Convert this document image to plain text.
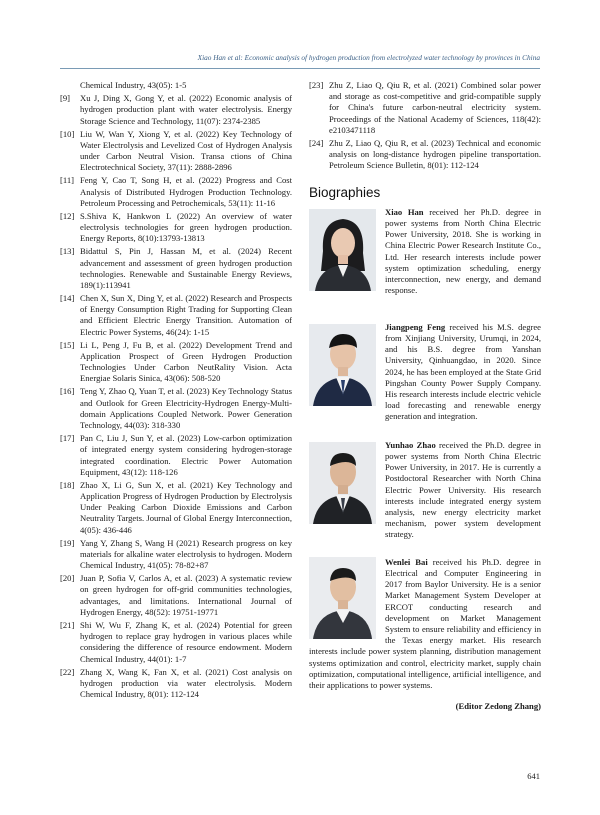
Xiao Han et al: Economic analysis of hydrogen production from electrolyzed water technology by provinces in China

Chemical Industry, 43(05): 1-5

[9] Xu J, Ding X, Gong Y, et al. (2022) Economic analysis of hydrogen production plant with water electrolysis. Energy Storage Science and Technology, 11(07): 2374-2385

[10] Liu W, Wan Y, Xiong Y, et al. (2022) Key Technology of Water Electrolysis and Levelized Cost of Hydrogen Analysis under Carbon Neutral Vision. Transa ctions of China Electrotechnical Society, 37(11): 2888-2896

[11] Feng Y, Cao T, Song H, et al. (2022) Progress and Cost Analysis of Distributed Hydrogen Production Technology. Petroleum Processing and Petrochemicals, 53(11): 11-16

[12] S.Shiva K, Hankwon L (2022) An overview of water electrolysis technologies for green hydrogen production. Energy Reports, 8(10):13793-13813

[13] Bidattul S, Pin J, Hassan M, et al. (2024) Recent advancement and assessment of green hydrogen production technologies. Renewable and Sustainable Energy Reviews, 189(1):113941

[14] Chen X, Sun X, Ding Y, et al. (2022) Research and Prospects of Energy Consumption Right Trading for Supporting Clean and Efficient Electric Energy Transition. Automation of Electric Power Systems, 46(24): 1-15

[15] Li L, Peng J, Fu B, et al. (2022) Development Trend and Application Prospect of Green Hydrogen Production Technologies Under Carbon NeutRality Vision. Acta Energiae Solaris Sinica, 43(06): 508-520

[16] Teng Y, Zhao Q, Yuan T, et al. (2023) Key Technology Status and Outlook for Green Electricity-Hydrogen Energy-Multi-domain Applications Coupled Network. Power Generation Technology, 44(03): 318-330

[17] Pan C, Liu J, Sun Y, et al. (2023) Low-carbon optimization of integrated energy system considering hydrogen-storage integrated coordination. Electric Power Automation Equipment, 43(12): 118-126

[18] Zhao X, Li G, Sun X, et al. (2021) Key Technology and Application Progress of Hydrogen Production by Electrolysis Under Peaking Carbon Dioxide Emissions and Carbon Neutrality Targets. Journal of Global Energy Interconnection, 4(05): 436-446

[19] Yang Y, Zhang S, Wang H (2021) Research progress on key materials for alkaline water electrolysis to hydrogen. Modern Chemical Industry, 41(05): 78-82+87

[20] Juan P, Sofia V, Carlos A, et al. (2023) A systematic review on green hydrogen for off-grid communities technologies, advantages, and limitations. International Journal of Hydrogen Energy, 48(52): 19751-19771

[21] Shi W, Wu F, Zhang K, et al. (2024) Potential for green hydrogen to replace gray hydrogen in various places while considering the difference of resource endowment. Modern Chemical Industry, 44(01): 1-7

[22] Zhang X, Wang K, Fan X, et al. (2021) Cost analysis on hydrogen production via water electrolysis. Modern Chemical Industry, 8(01): 112-124

[23] Zhu Z, Liao Q, Qiu R, et al. (2021) Combined solar power and storage as cost-competitive and grid-compatible supply for China's future carbon-neutral electricity system. Proceedings of the National Academy of Sciences, 118(42): e2103471118

[24] Zhu Z, Liao Q, Qiu R, et al. (2023) Technical and economic analysis on long-distance hydrogen pipeline transportation. Petroleum Science Bulletin, 8(01): 112-124

Biographies
Xiao Han received her Ph.D. degree in power systems from North China Electric Power University, 2018. She is working in China Electric Power Research Institute Co., Ltd. Her research interests include power system optimization scheduling, energy interconnection, new energy, and demand response.
Jiangpeng Feng received his M.S. degree from Xinjiang University, Urumqi, in 2024, and his B.S. degree from Yanshan University, Qinhuangdao, in 2020. Since 2024, he has been employed at the State Grid Pingshan County Power Supply Company. His research interests include electric vehicle load forecasting and renewable energy generation and integration.
Yunhao Zhao received the Ph.D. degree in power systems from North China Electric Power University, in 2017. He is currently a Postdoctoral Researcher with North China Electric Power University. His research interests include integrated energy system analysis, new energy electricity market mechanism, power system development strategy.
Wenlei Bai received his Ph.D. degree in Electrical and Computer Engineering in 2017 from Baylor University. He is a senior Market Management System Developer at ERCOT conducting research and development on Market Management System to ensure reliability and efficiency in the Texas energy market. His research interests include power system planning, distribution management systems optimization and control, electricity market, supply chain optimization, computational intelligence, artificial intelligence, and their applications to power systems.
(Editor Zedong Zhang)
641
